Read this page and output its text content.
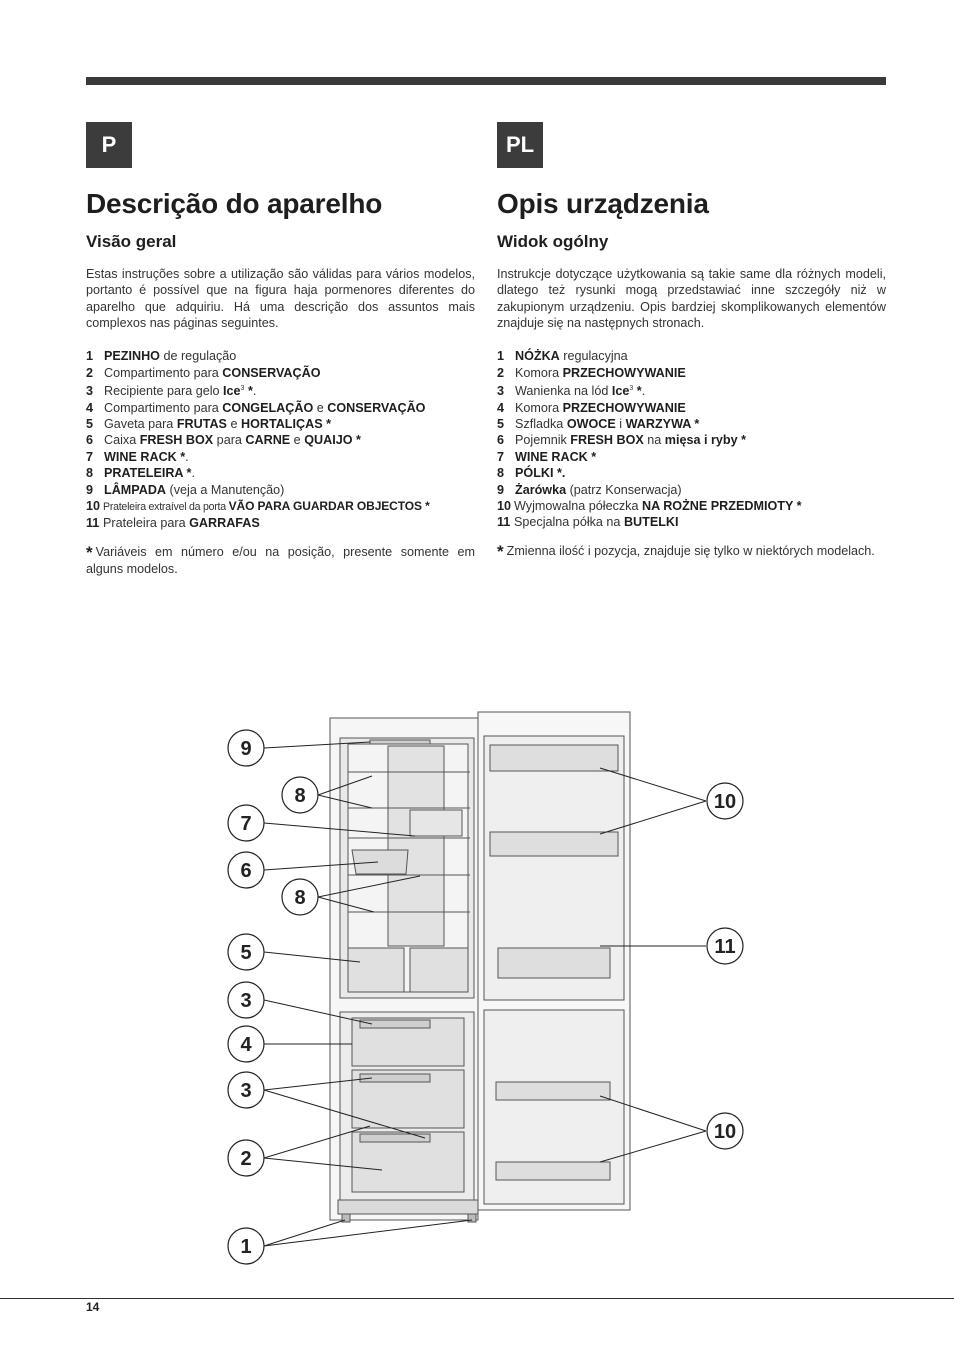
P	PL
Descrição do aparelho
Visão geral

Estas instruções sobre a utilização são válidas para vários modelos, portanto é possível que na figura haja pormenores diferentes do aparelho que adquiriu. Há uma descrição dos assuntos mais complexos nas páginas seguintes.

1 PEZINHO de regulação
2 Compartimento para CONSERVAÇÃO
3 Recipiente para gelo Ice$^3$ *.
4 Compartimento para CONGELAÇÃO e CONSERVAÇÃO
5 Gaveta para FRUTAS e HORTALIÇAS *
6 Caixa FRESH BOX para CARNE e QUAIJO *
7 WINE RACK *.
8 PRATELEIRA *.
9 LÂMPADA (veja a Manutenção)
10 Prateleira extraível da porta VÃO PARA GUARDAR OBJECTOS *
11 Prateleira para GARRAFAS

* Variáveis em número e/ou na posição, presente somente em alguns modelos.

Opis urządzenia
Widok ogólny

Instrukcje dotyczące użytkowania są takie same dla różnych modeli, dlatego też rysunki mogą przedstawiać inne szczegóły niż w zakupionym urządzeniu. Opis bardziej skomplikowanych elementów znajduje się na następnych stronach.

1 NÓŻKA regulacyjna
2 Komora PRZECHOWYWANIE
3 Wanienka na lód Ice$^3$ *.
4 Komora PRZECHOWYWANIE
5 Szfladka OWOCE i WARZYWA *
6 Pojemnik FRESH BOX na mięsa i ryby *
7 WINE RACK *
8 PÓLKI *.
9 Żarówka (patrz Konserwacja)
10 Wyjmowalna półeczka NA ROŻNE PRZEDMIOTY *
11 Specjalna półka na BUTELKI

* Zmienna ilość i pozycja, znajduje się tylko w niektórych modelach.

9
8
7
6
8
5
3
4
3
2
1
10
11
10
14
